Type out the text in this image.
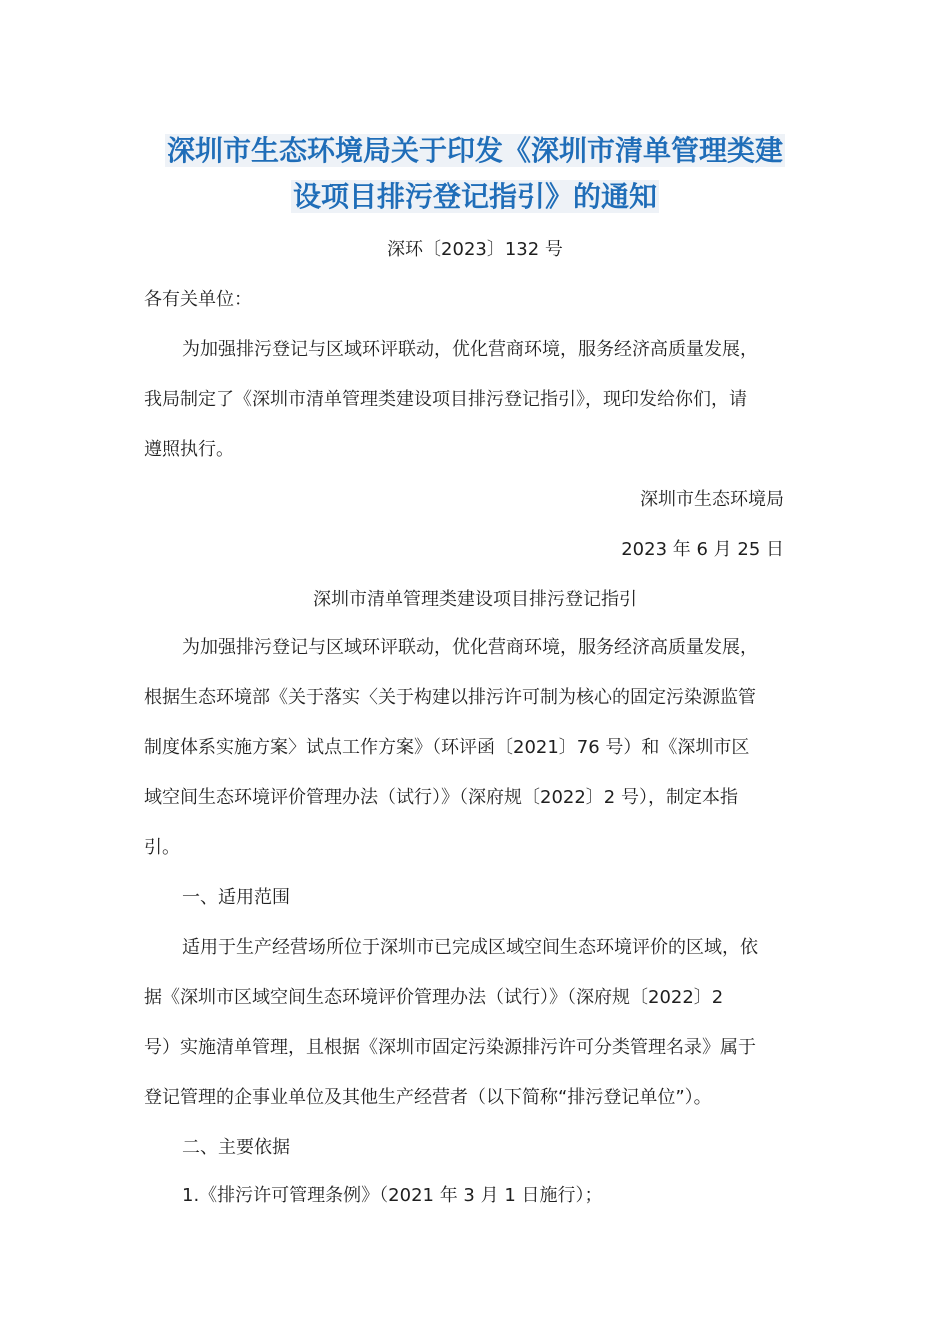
深圳市生态环境局关于印发《深圳市清单管理类建
设项目排污登记指引》的通知
深环〔2023〕132 号
各有关单位：
为加强排污登记与区域环评联动，优化营商环境，服务经济高质量发展，
我局制定了《深圳市清单管理类建设项目排污登记指引》，现印发给你们，请
遵照执行。
深圳市生态环境局
2023 年 6 月 25 日
深圳市清单管理类建设项目排污登记指引
为加强排污登记与区域环评联动，优化营商环境，服务经济高质量发展，
根据生态环境部《关于落实〈关于构建以排污许可制为核心的固定污染源监管
制度体系实施方案〉试点工作方案》（环评函〔2021〕76 号）和《深圳市区
域空间生态环境评价管理办法（试行）》（深府规〔2022〕2 号），制定本指
引。
一、适用范围
适用于生产经营场所位于深圳市已完成区域空间生态环境评价的区域，依
据《深圳市区域空间生态环境评价管理办法（试行）》（深府规〔2022〕2
号）实施清单管理，且根据《深圳市固定污染源排污许可分类管理名录》属于
登记管理的企事业单位及其他生产经营者（以下简称“排污登记单位”）。
二、主要依据
1.《排污许可管理条例》（2021 年 3 月 1 日施行）；
